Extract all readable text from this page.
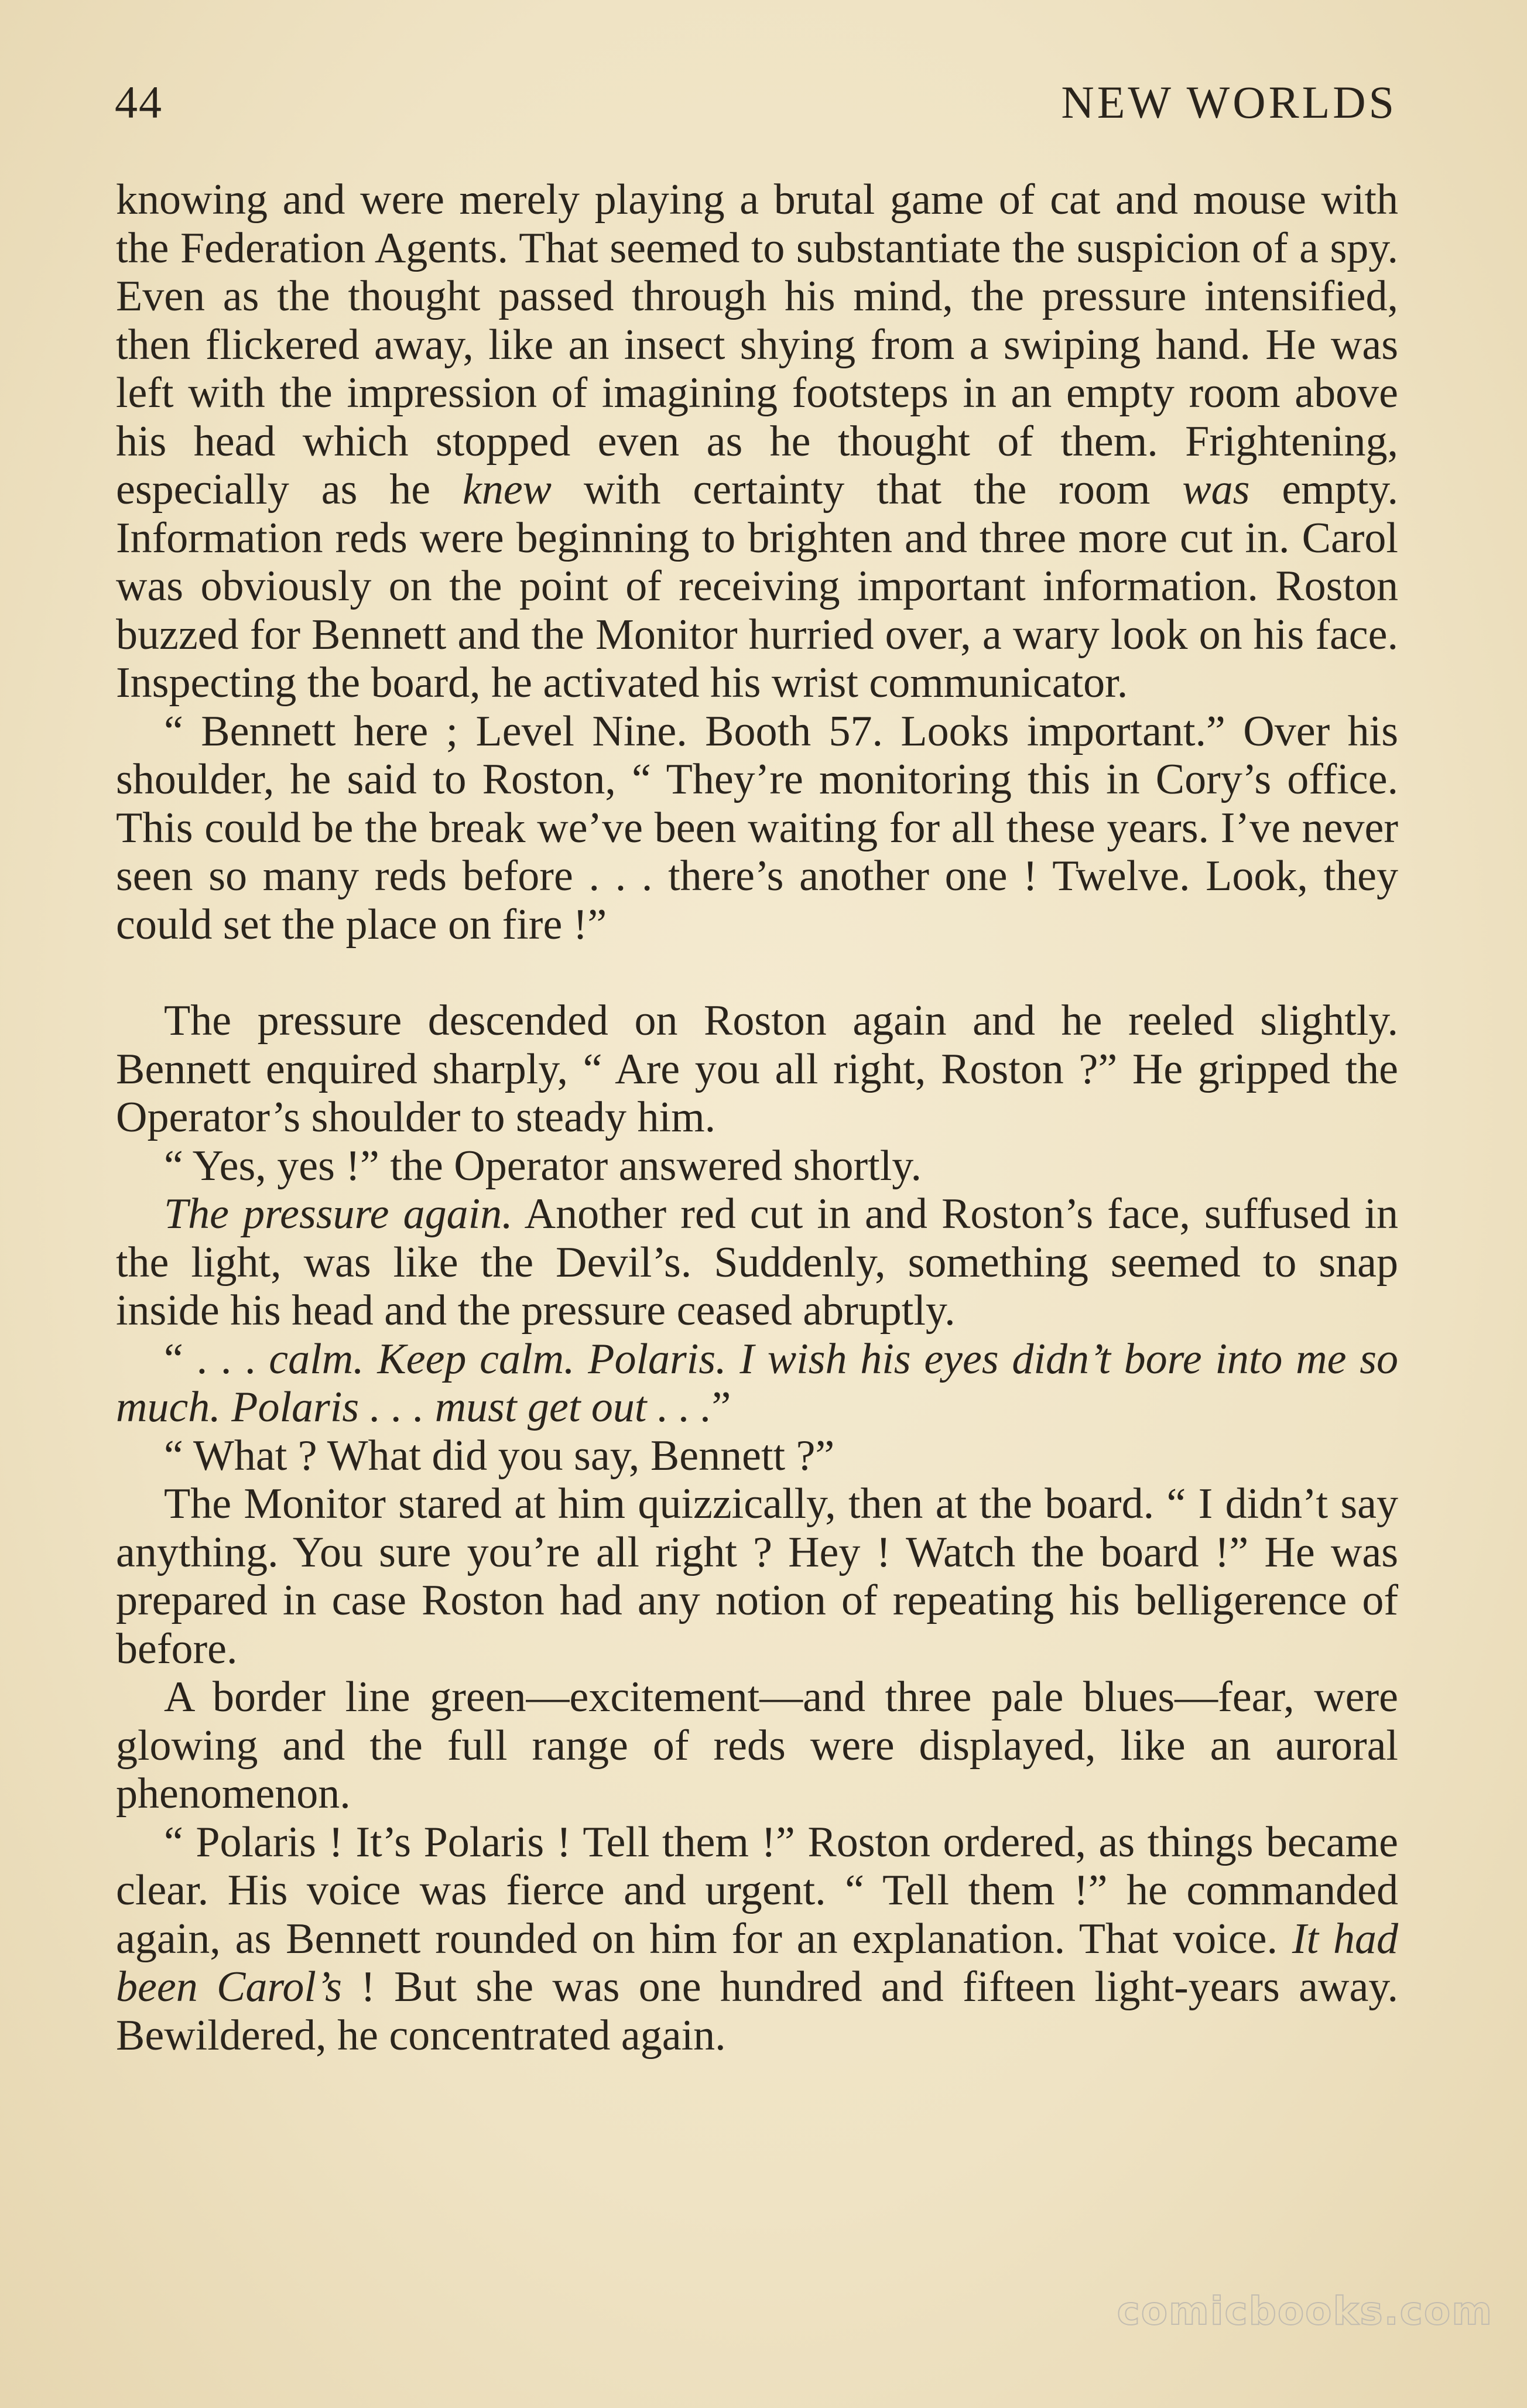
44	NEW WORLDS

knowing and were merely playing a brutal game of cat and mouse with the Federation Agents. That seemed to substantiate the suspicion of a spy. Even as the thought passed through his mind, the pressure intensified, then flickered away, like an insect shying from a swiping hand. He was left with the impression of imagining footsteps in an empty room above his head which stopped even as he thought of them. Frightening, especially as he knew with certainty that the room was empty. Information reds were beginning to brighten and three more cut in. Carol was obviously on the point of receiving important information. Roston buzzed for Bennett and the Monitor hurried over, a wary look on his face. Inspecting the board, he activated his wrist communicator.

“ Bennett here ; Level Nine. Booth 57. Looks important.” Over his shoulder, he said to Roston, “ They’re monitoring this in Cory’s office. This could be the break we’ve been waiting for all these years. I’ve never seen so many reds before . . . there’s another one ! Twelve. Look, they could set the place on fire !”

The pressure descended on Roston again and he reeled slightly. Bennett enquired sharply, “ Are you all right, Roston ?” He gripped the Operator’s shoulder to steady him.

“ Yes, yes !” the Operator answered shortly.

The pressure again. Another red cut in and Roston’s face, suffused in the light, was like the Devil’s. Suddenly, something seemed to snap inside his head and the pressure ceased abruptly.

“ . . . calm. Keep calm. Polaris. I wish his eyes didn’t bore into me so much. Polaris . . . must get out . . .”

“ What ? What did you say, Bennett ?”

The Monitor stared at him quizzically, then at the board. “ I didn’t say anything. You sure you’re all right ? Hey ! Watch the board !” He was prepared in case Roston had any notion of repeating his belligerence of before.

A border line green—excitement—and three pale blues—fear, were glowing and the full range of reds were displayed, like an auroral phenomenon.

“ Polaris ! It’s Polaris ! Tell them !” Roston ordered, as things became clear. His voice was fierce and urgent. “ Tell them !” he commanded again, as Bennett rounded on him for an explanation. That voice. It had been Carol’s ! But she was one hundred and fifteen light-years away. Bewildered, he concentrated again.

comicbooks.com
